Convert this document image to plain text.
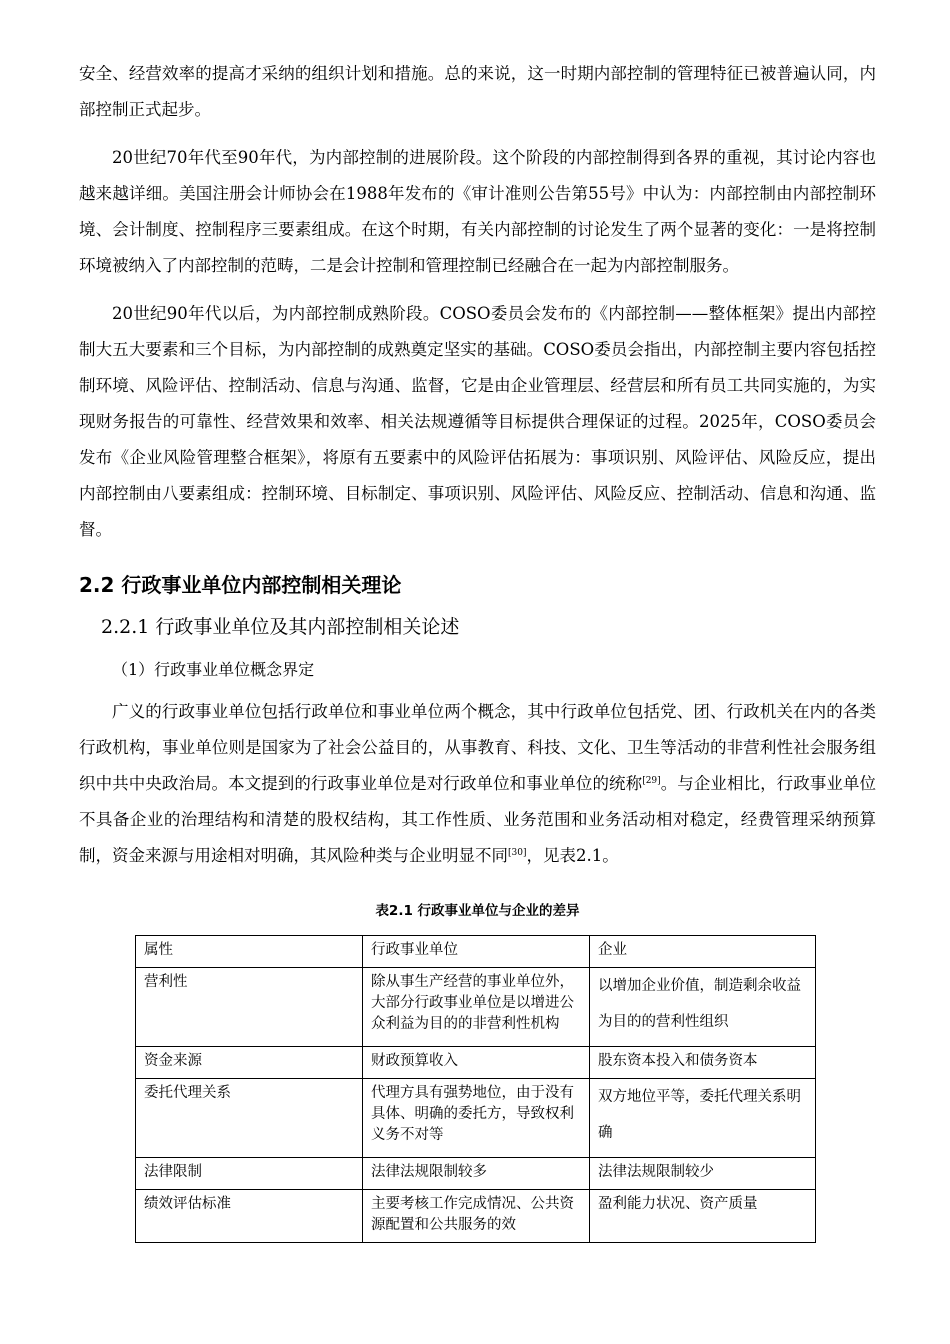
安全、经营效率的提高才采纳的组织计划和措施。总的来说，这一时期内部控制的管理特征已被普遍认同，内部控制正式起步。

20世纪70年代至90年代，为内部控制的进展阶段。这个阶段的内部控制得到各界的重视，其讨论内容也越来越详细。美国注册会计师协会在1988年发布的《审计准则公告第55号》中认为：内部控制由内部控制环境、会计制度、控制程序三要素组成。在这个时期，有关内部控制的讨论发生了两个显著的变化：一是将控制环境被纳入了内部控制的范畴，二是会计控制和管理控制已经融合在一起为内部控制服务。

20世纪90年代以后，为内部控制成熟阶段。COSO委员会发布的《内部控制——整体框架》提出内部控制大五大要素和三个目标，为内部控制的成熟奠定坚实的基础。COSO委员会指出，内部控制主要内容包括控制环境、风险评估、控制活动、信息与沟通、监督，它是由企业管理层、经营层和所有员工共同实施的，为实现财务报告的可靠性、经营效果和效率、相关法规遵循等目标提供合理保证的过程。2025年，COSO委员会发布《企业风险管理整合框架》，将原有五要素中的风险评估拓展为：事项识别、风险评估、风险反应，提出内部控制由八要素组成：控制环境、目标制定、事项识别、风险评估、风险反应、控制活动、信息和沟通、监督。

2.2 行政事业单位内部控制相关理论
2.2.1 行政事业单位及其内部控制相关论述
（1）行政事业单位概念界定

广义的行政事业单位包括行政单位和事业单位两个概念，其中行政单位包括党、团、行政机关在内的各类行政机构，事业单位则是国家为了社会公益目的，从事教育、科技、文化、卫生等活动的非营利性社会服务组织中共中央政治局。本文提到的行政事业单位是对行政单位和事业单位的统称[29]。与企业相比，行政事业单位不具备企业的治理结构和清楚的股权结构，其工作性质、业务范围和业务活动相对稳定，经费管理采纳预算制，资金来源与用途相对明确，其风险种类与企业明显不同[30]，见表2.1。

表2.1 行政事业单位与企业的差异
属性	行政事业单位	企业
营利性	除从事生产经营的事业单位外，大部分行政事业单位是以增进公众利益为目的的非营利性机构	以增加企业价值，制造剩余收益为目的的营利性组织
资金来源	财政预算收入	股东资本投入和债务资本
委托代理关系	代理方具有强势地位，由于没有具体、明确的委托方，导致权利义务不对等	双方地位平等，委托代理关系明确
法律限制	法律法规限制较多	法律法规限制较少
绩效评估标准	主要考核工作完成情况、公共资源配置和公共服务的效	盈利能力状况、资产质量
